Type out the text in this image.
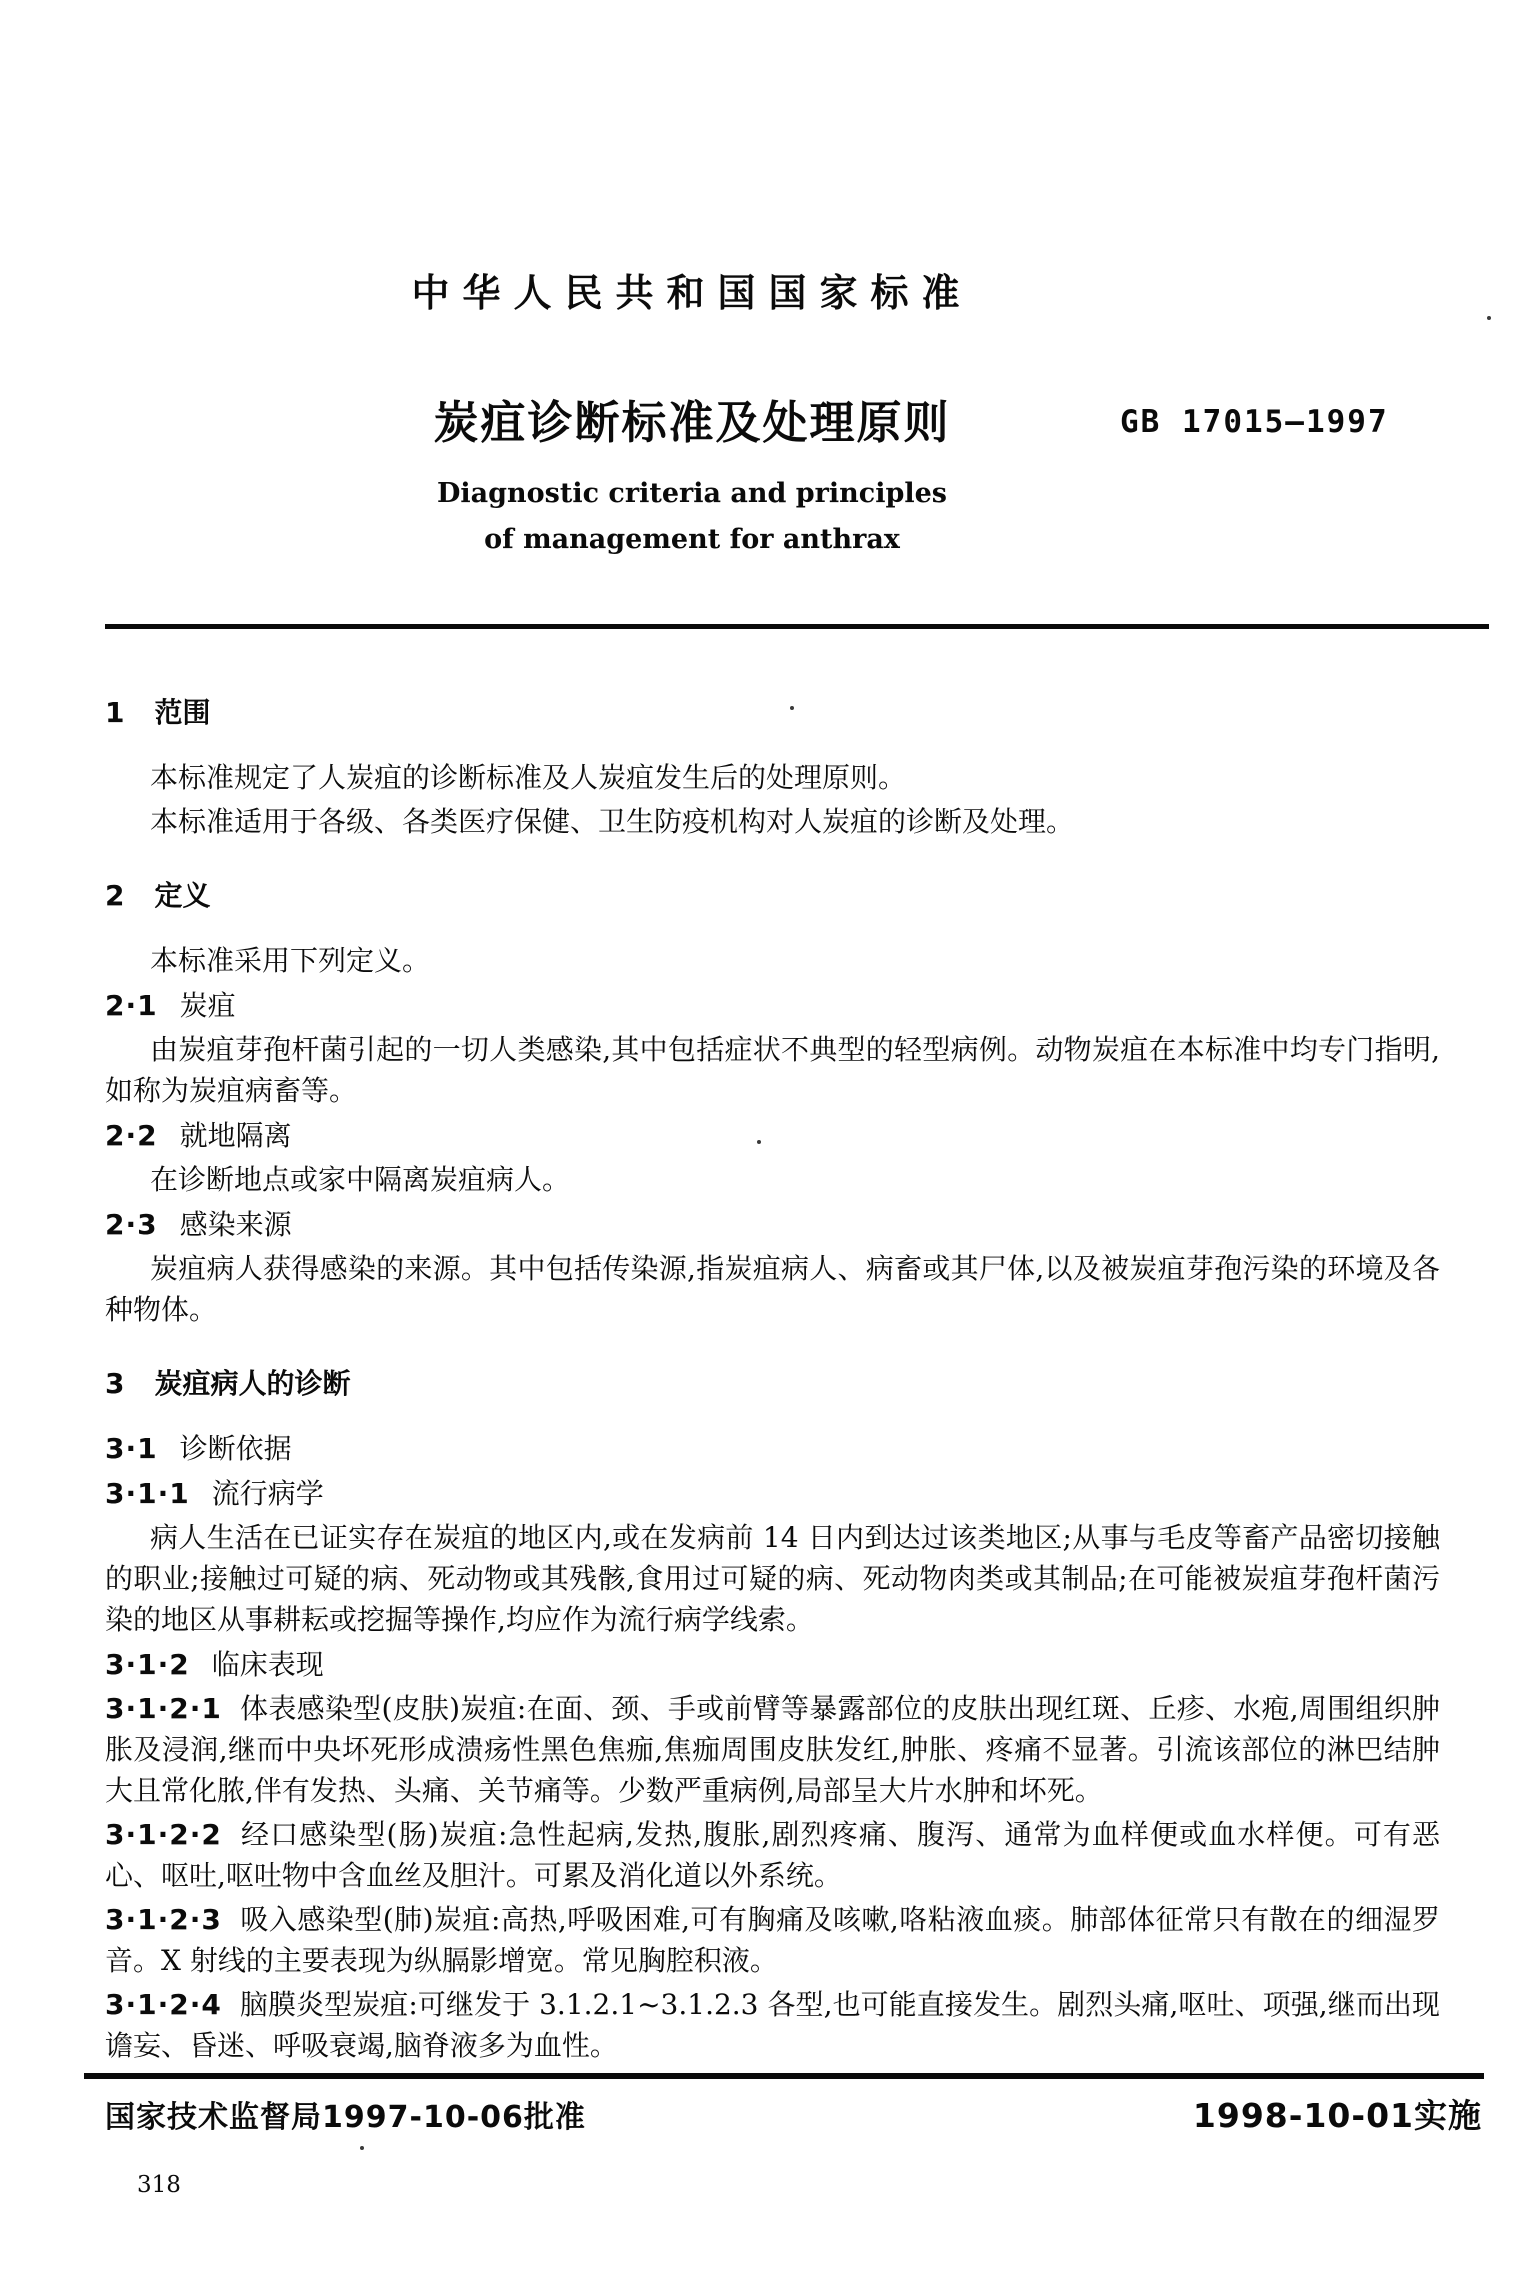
中华人民共和国国家标准
炭疽诊断标准及处理原则	GB 17015—1997
Diagnostic criteria and principles
of management for anthrax
1 范围
本标准规定了人炭疽的诊断标准及人炭疽发生后的处理原则。
本标准适用于各级、各类医疗保健、卫生防疫机构对人炭疽的诊断及处理。
2 定义
本标准采用下列定义。
2·1 炭疽
由炭疽芽孢杆菌引起的一切人类感染,其中包括症状不典型的轻型病例。动物炭疽在本标准中均专门指明,如称为炭疽病畜等。
2·2 就地隔离
在诊断地点或家中隔离炭疽病人。
2·3 感染来源
炭疽病人获得感染的来源。其中包括传染源,指炭疽病人、病畜或其尸体,以及被炭疽芽孢污染的环境及各种物体。
3 炭疽病人的诊断
3·1 诊断依据
3·1·1 流行病学
病人生活在已证实存在炭疽的地区内,或在发病前 14 日内到达过该类地区;从事与毛皮等畜产品密切接触的职业;接触过可疑的病、死动物或其残骸,食用过可疑的病、死动物肉类或其制品;在可能被炭疽芽孢杆菌污染的地区从事耕耘或挖掘等操作,均应作为流行病学线索。
3·1·2 临床表现
3·1·2·1 体表感染型(皮肤)炭疽:在面、颈、手或前臂等暴露部位的皮肤出现红斑、丘疹、水疱,周围组织肿胀及浸润,继而中央坏死形成溃疡性黑色焦痂,焦痂周围皮肤发红,肿胀、疼痛不显著。引流该部位的淋巴结肿大且常化脓,伴有发热、头痛、关节痛等。少数严重病例,局部呈大片水肿和坏死。
3·1·2·2 经口感染型(肠)炭疽:急性起病,发热,腹胀,剧烈疼痛、腹泻、通常为血样便或血水样便。可有恶心、呕吐,呕吐物中含血丝及胆汁。可累及消化道以外系统。
3·1·2·3 吸入感染型(肺)炭疽:高热,呼吸困难,可有胸痛及咳嗽,咯粘液血痰。肺部体征常只有散在的细湿罗音。X 射线的主要表现为纵膈影增宽。常见胸腔积液。
3·1·2·4 脑膜炎型炭疽:可继发于 3.1.2.1~3.1.2.3 各型,也可能直接发生。剧烈头痛,呕吐、项强,继而出现谵妄、昏迷、呼吸衰竭,脑脊液多为血性。
国家技术监督局1997-10-06批准	1998-10-01实施
318
